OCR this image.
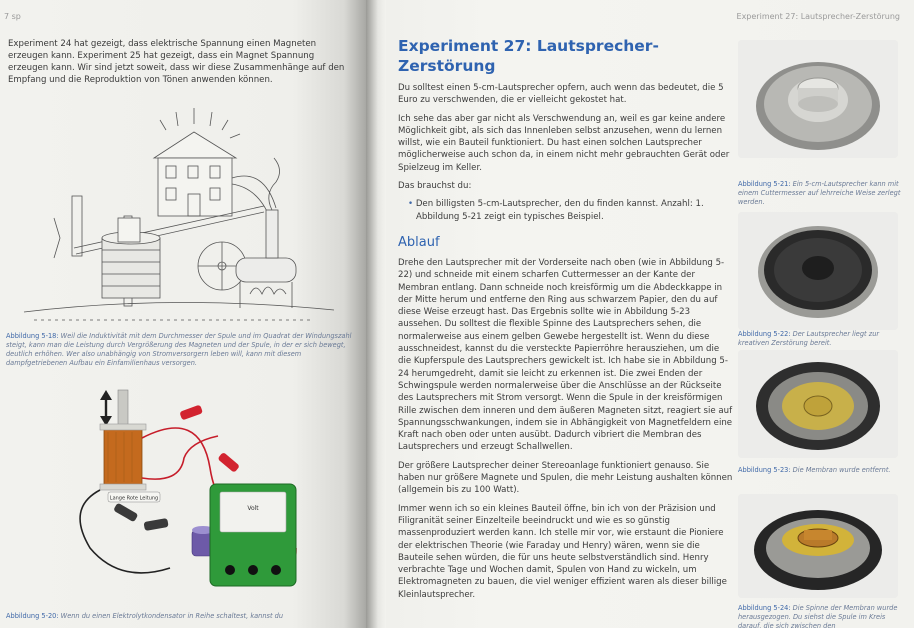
7 sp

Experiment 24 hat gezeigt, dass elektrische Spannung einen Magneten erzeugen kann. Experiment 25 hat gezeigt, dass ein Magnet Spannung erzeugen kann. Wir sind jetzt soweit, dass wir diese Zusammenhänge auf den Empfang und die Reproduktion von Tönen anwenden können.

Abbildung 5-18: Weil die Induktivität mit dem Durchmesser der Spule und im Quadrat der Windungszahl steigt, kann man die Leistung durch Vergrößerung des Magneten und der Spule, in der er sich bewegt, deutlich erhöhen. Wer also unabhängig von Stromversorgern leben will, kann mit diesem dampfgetriebenen Aufbau ein Einfamilienhaus versorgen.
Lange Rote Leitung
Volt
Abbildung 5-20: Wenn du einen Elektrolytkondensator in Reihe schaltest, kannst du
Experiment 27: Lautsprecher-Zerstörung
Experiment 27: Lautsprecher-Zerstörung

Du solltest einen 5-cm-Lautsprecher opfern, auch wenn das bedeutet, die 5 Euro zu verschwenden, die er vielleicht gekostet hat.

Ich sehe das aber gar nicht als Verschwendung an, weil es gar keine andere Möglichkeit gibt, als sich das Innenleben selbst anzusehen, wenn du lernen willst, wie ein Bauteil funktioniert. Du hast einen solchen Lautsprecher möglicherweise auch schon da, in einem nicht mehr gebrauchten Gerät oder Spielzeug im Keller.

Das brauchst du:

• Den billigsten 5-cm-Lautsprecher, den du finden kannst. Anzahl: 1. Abbildung 5-21 zeigt ein typisches Beispiel.

Ablauf

Drehe den Lautsprecher mit der Vorderseite nach oben (wie in Abbildung 5-22) und schneide mit einem scharfen Cuttermesser an der Kante der Membran entlang. Dann schneide noch kreisförmig um die Abdeckkappe in der Mitte herum und entferne den Ring aus schwarzem Papier, den du auf diese Weise erzeugt hast. Das Ergebnis sollte wie in Abbildung 5-23 aussehen. Du solltest die flexible Spinne des Lautsprechers sehen, die normalerweise aus einem gelben Gewebe hergestellt ist. Wenn du diese ausschneidest, kannst du die versteckte Papierröhre herausziehen, um die die Kupferspule des Lautsprechers gewickelt ist. Ich habe sie in Abbildung 5-24 herumgedreht, damit sie leicht zu erkennen ist. Die zwei Enden der Schwingspule werden normalerweise über die Anschlüsse an der Rückseite des Lautsprechers mit Strom versorgt. Wenn die Spule in der kreisförmigen Rille zwischen dem inneren und dem äußeren Magneten sitzt, reagiert sie auf Spannungsschwankungen, indem sie in Abhängigkeit von Magnetfeldern eine Kraft nach oben oder unten ausübt. Dadurch vibriert die Membran des Lautsprechers und erzeugt Schallwellen.

Der größere Lautsprecher deiner Stereoanlage funktioniert genauso. Sie haben nur größere Magnete und Spulen, die mehr Leistung aushalten können (allgemein bis zu 100 Watt).

Immer wenn ich so ein kleines Bauteil öffne, bin ich von der Präzision und Filigranität seiner Einzelteile beeindruckt und wie es so günstig massenproduziert werden kann. Ich stelle mir vor, wie erstaunt die Pioniere der elektrischen Theorie (wie Faraday und Henry) wären, wenn sie die Bauteile sehen würden, die für uns heute selbstverständlich sind. Henry verbrachte Tage und Wochen damit, Spulen von Hand zu wickeln, um Elektromagneten zu bauen, die viel weniger effizient waren als dieser billige Kleinlautsprecher.

Abbildung 5-21: Ein 5-cm-Lautsprecher kann mit einem Cuttermesser auf lehrreiche Weise zerlegt werden.
Abbildung 5-22: Der Lautsprecher liegt zur kreativen Zerstörung bereit.
Abbildung 5-23: Die Membran wurde entfernt.
Abbildung 5-24: Die Spinne der Membran wurde herausgezogen. Du siehst die Spule im Kreis darauf, die sich zwischen den
